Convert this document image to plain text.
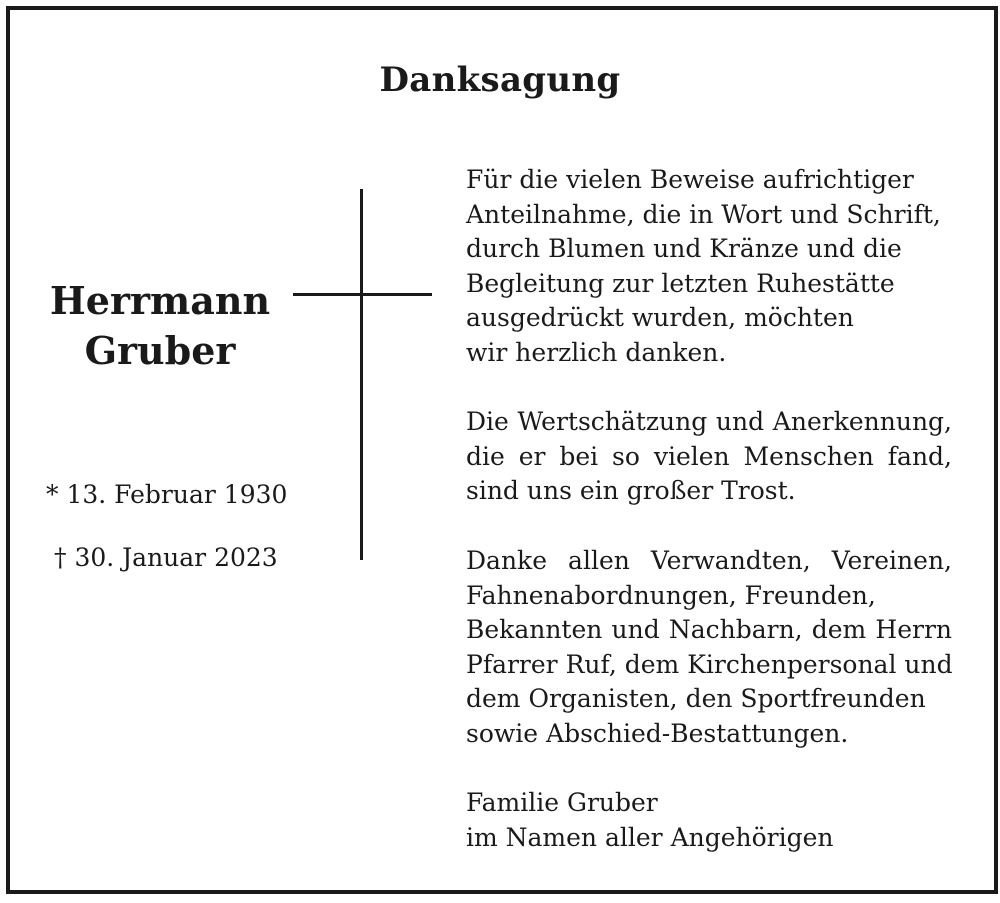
Danksagung
Herrmann
Gruber
* 13. Februar 1930
† 30. Januar 2023
Für die vielen Beweise aufrichtiger
Anteilnahme, die in Wort und Schrift,
durch Blumen und Kränze und die
Begleitung zur letzten Ruhestätte
ausgedrückt wurden, möchten
wir herzlich danken.
Die Wertschätzung und Anerkennung,
die er bei so vielen Menschen fand,
sind uns ein großer Trost.
Danke allen Verwandten, Vereinen,
Fahnenabordnungen, Freunden,
Bekannten und Nachbarn, dem Herrn
Pfarrer Ruf, dem Kirchenpersonal und
dem Organisten, den Sportfreunden
sowie Abschied-Bestattungen.
Familie Gruber
im Namen aller Angehörigen
